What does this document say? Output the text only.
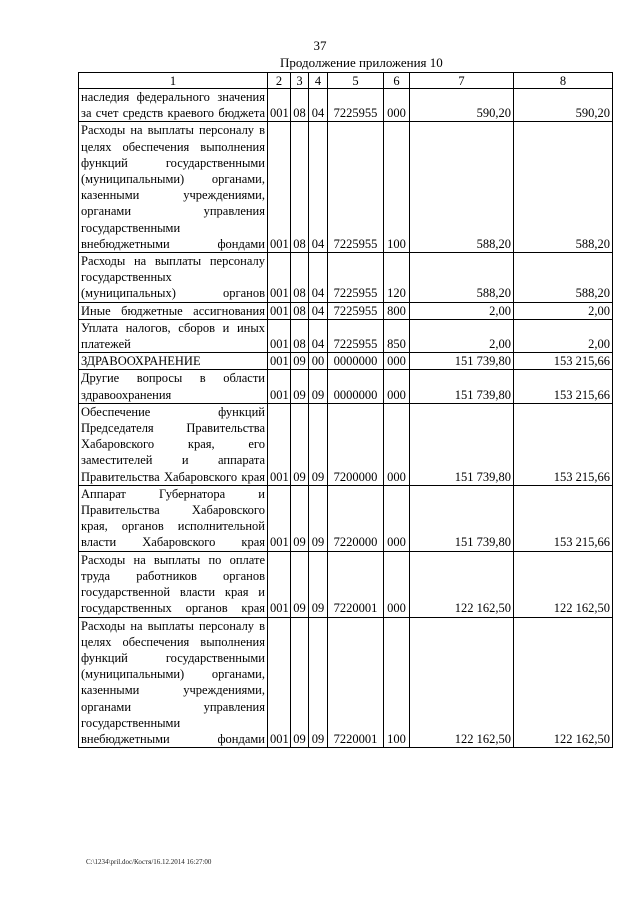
37
Продолжение приложения 10
1	2	3	4	5	6	7	8
наследия федерального значения за счет средств краевого бюджета	001	08	04	7225955	000	590,20	590,20
Расходы на выплаты персоналу в целях обеспечения выполнения функций государственными (муниципальными) органами, казенными учреждениями, органами управления государственными внебюджетными фондами	001	08	04	7225955	100	588,20	588,20
Расходы на выплаты персоналу государственных (муниципальных) органов	001	08	04	7225955	120	588,20	588,20
Иные бюджетные ассигнования	001	08	04	7225955	800	2,00	2,00
Уплата налогов, сборов и иных платежей	001	08	04	7225955	850	2,00	2,00
ЗДРАВООХРАНЕНИЕ	001	09	00	0000000	000	151 739,80	153 215,66
Другие вопросы в области здравоохранения	001	09	09	0000000	000	151 739,80	153 215,66
Обеспечение функций Председателя Правительства Хабаровского края, его заместителей и аппарата Правительства Хабаровского края	001	09	09	7200000	000	151 739,80	153 215,66
Аппарат Губернатора и Правительства Хабаровского края, органов исполнительной власти Хабаровского края	001	09	09	7220000	000	151 739,80	153 215,66
Расходы на выплаты по оплате труда работников органов государственной власти края и государственных органов края	001	09	09	7220001	000	122 162,50	122 162,50
Расходы на выплаты персоналу в целях обеспечения выполнения функций государственными (муниципальными) органами, казенными учреждениями, органами управления государственными внебюджетными фондами	001	09	09	7220001	100	122 162,50	122 162,50
C:\1234\pril.doc/Костя/16.12.2014 16:27:00
